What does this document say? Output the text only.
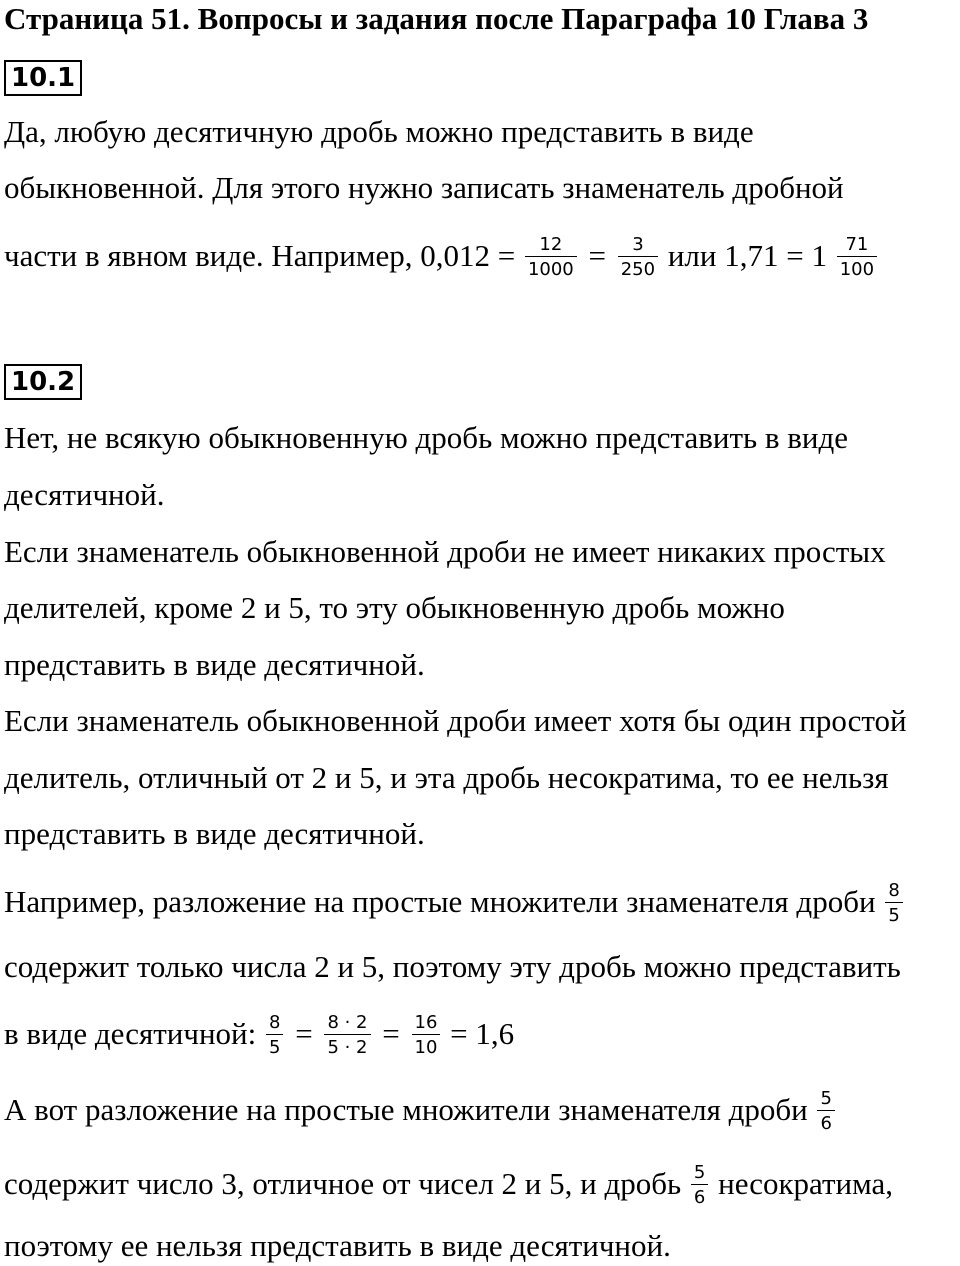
Страница 51. Вопросы и задания после Параграфа 10 Глава 3
10.1
Да, любую десятичную дробь можно представить в виде
обыкновенной. Для этого нужно записать знаменатель дробной
части в явном виде. Например, $0,012 = \frac{12}{1000} = \frac{3}{250}$ или $1,71 = 1 \frac{71}{100}$
10.2
Нет, не всякую обыкновенную дробь можно представить в виде
десятичной.
Если знаменатель обыкновенной дроби не имеет никаких простых
делителей, кроме 2 и 5, то эту обыкновенную дробь можно
представить в виде десятичной.
Если знаменатель обыкновенной дроби имеет хотя бы один простой
делитель, отличный от 2 и 5, и эта дробь несократима, то ее нельзя
представить в виде десятичной.
Например, разложение на простые множители знаменателя дроби $\frac{8}{5}$
содержит только числа 2 и 5, поэтому эту дробь можно представить
в виде десятичной: $\frac{8}{5} = \frac{8 \cdot 2}{5 \cdot 2} = \frac{16}{10} = 1,6$
А вот разложение на простые множители знаменателя дроби $\frac{5}{6}$
содержит число 3, отличное от чисел 2 и 5, и дробь $\frac{5}{6}$ несократима,
поэтому ее нельзя представить в виде десятичной.
